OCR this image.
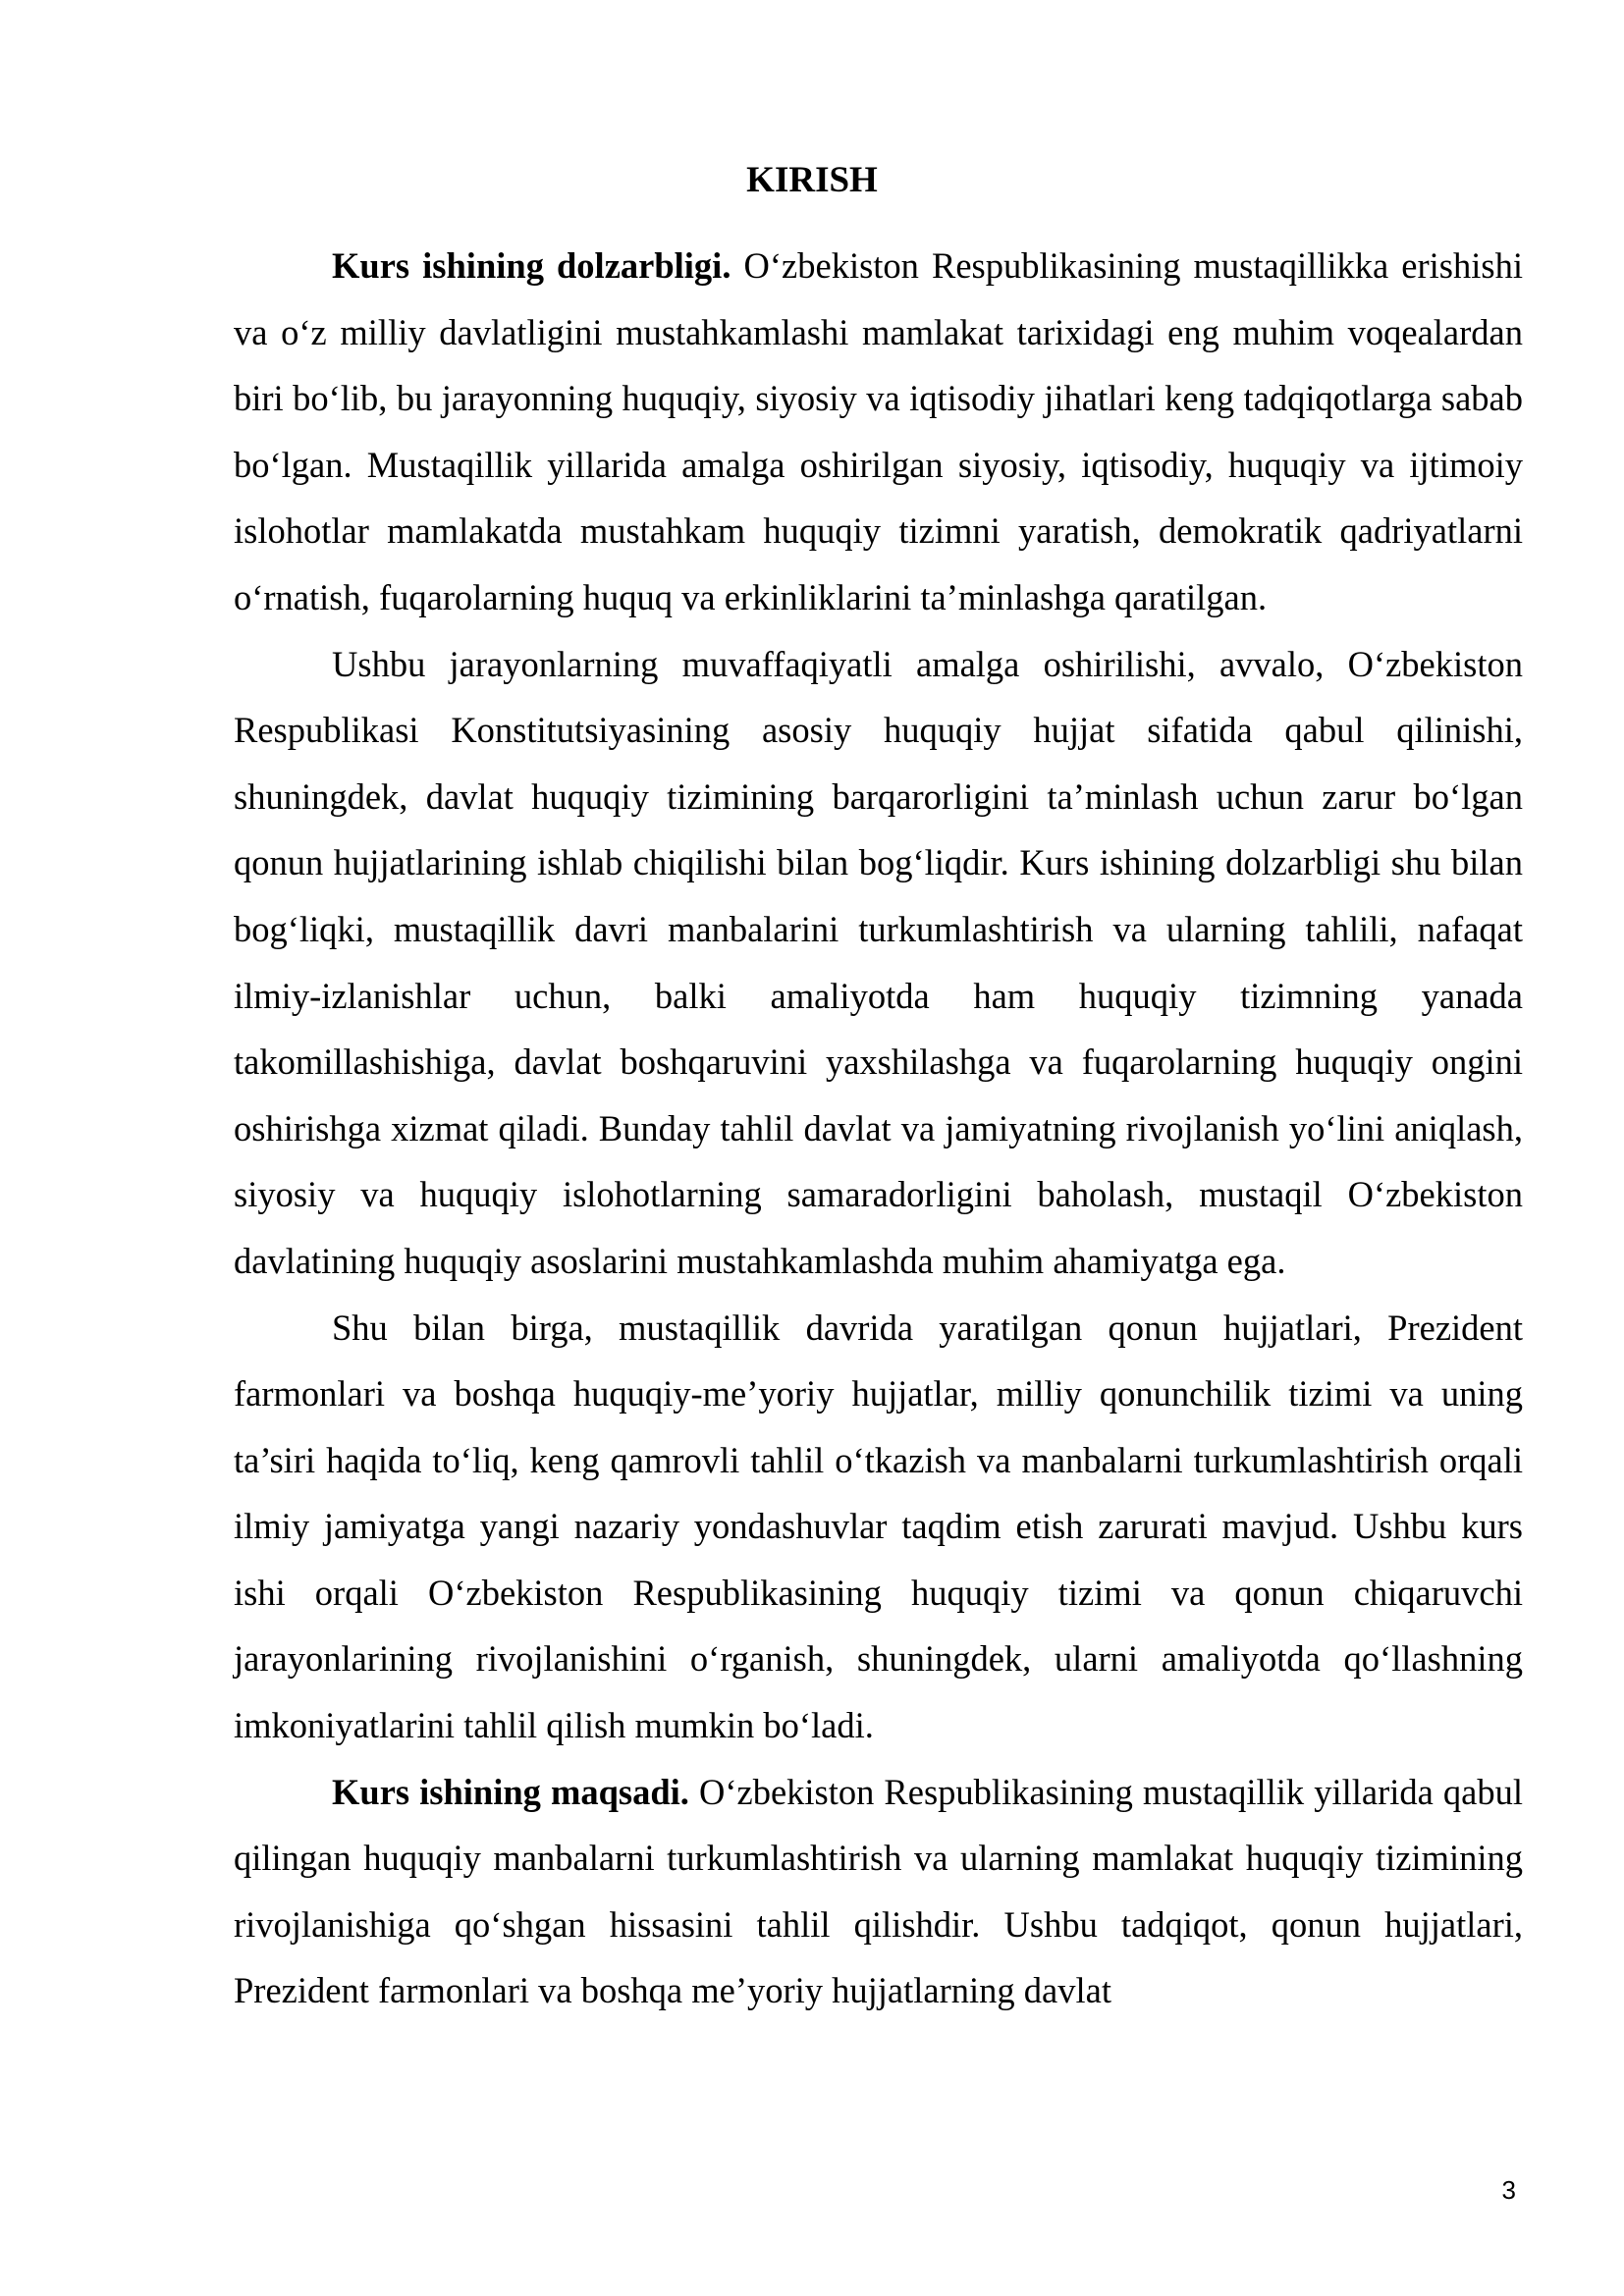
KIRISH

Kurs ishining dolzarbligi. O‘zbekiston Respublikasining mustaqillikka erishishi va o‘z milliy davlatligini mustahkamlashi mamlakat tarixidagi eng muhim voqealardan biri bo‘lib, bu jarayonning huquqiy, siyosiy va iqtisodiy jihatlari keng tadqiqotlarga sabab bo‘lgan. Mustaqillik yillarida amalga oshirilgan siyosiy, iqtisodiy, huquqiy va ijtimoiy islohotlar mamlakatda mustahkam huquqiy tizimni yaratish, demokratik qadriyatlarni o‘rnatish, fuqarolarning huquq va erkinliklarini ta’minlashga qaratilgan.

Ushbu jarayonlarning muvaffaqiyatli amalga oshirilishi, avvalo, O‘zbekiston Respublikasi Konstitutsiyasining asosiy huquqiy hujjat sifatida qabul qilinishi, shuningdek, davlat huquqiy tizimining barqarorligini ta’minlash uchun zarur bo‘lgan qonun hujjatlarining ishlab chiqilishi bilan bog‘liqdir. Kurs ishining dolzarbligi shu bilan bog‘liqki, mustaqillik davri manbalarini turkumlashtirish va ularning tahlili, nafaqat ilmiy-izlanishlar uchun, balki amaliyotda ham huquqiy tizimning yanada takomillashishiga, davlat boshqaruvini yaxshilashga va fuqarolarning huquqiy ongini oshirishga xizmat qiladi. Bunday tahlil davlat va jamiyatning rivojlanish yo‘lini aniqlash, siyosiy va huquqiy islohotlarning samaradorligini baholash, mustaqil O‘zbekiston davlatining huquqiy asoslarini mustahkamlashda muhim ahamiyatga ega.

Shu bilan birga, mustaqillik davrida yaratilgan qonun hujjatlari, Prezident farmonlari va boshqa huquqiy-me’yoriy hujjatlar, milliy qonunchilik tizimi va uning ta’siri haqida to‘liq, keng qamrovli tahlil o‘tkazish va manbalarni turkumlashtirish orqali ilmiy jamiyatga yangi nazariy yondashuvlar taqdim etish zarurati mavjud. Ushbu kurs ishi orqali O‘zbekiston Respublikasining huquqiy tizimi va qonun chiqaruvchi jarayonlarining rivojlanishini o‘rganish, shuningdek, ularni amaliyotda qo‘llashning imkoniyatlarini tahlil qilish mumkin bo‘ladi.

Kurs ishining maqsadi. O‘zbekiston Respublikasining mustaqillik yillarida qabul qilingan huquqiy manbalarni turkumlashtirish va ularning mamlakat huquqiy tizimining rivojlanishiga qo‘shgan hissasini tahlil qilishdir. Ushbu tadqiqot, qonun hujjatlari, Prezident farmonlari va boshqa me’yoriy hujjatlarning davlat

3
